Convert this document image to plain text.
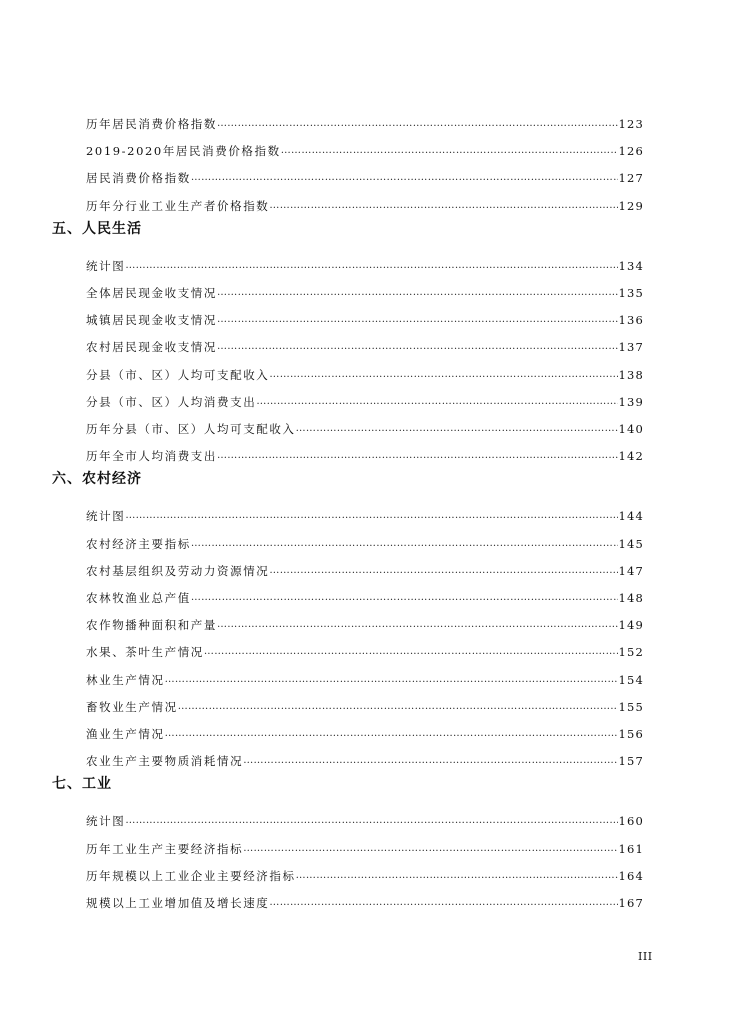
历年居民消费价格指数 ……………………………………………………………………………………………………………………………………………………………………………………………………………………………………	123
2019-2020年居民消费价格指数 ……………………………………………………………………………………………………………………………………………………………………………………………………………………………………	126
居民消费价格指数 ……………………………………………………………………………………………………………………………………………………………………………………………………………………………………	127
历年分行业工业生产者价格指数 ……………………………………………………………………………………………………………………………………………………………………………………………………………………………………	129
五、人民生活
统计图 ……………………………………………………………………………………………………………………………………………………………………………………………………………………………………	134
全体居民现金收支情况 ……………………………………………………………………………………………………………………………………………………………………………………………………………………………………	135
城镇居民现金收支情况 ……………………………………………………………………………………………………………………………………………………………………………………………………………………………………	136
农村居民现金收支情况 ……………………………………………………………………………………………………………………………………………………………………………………………………………………………………	137
分县（市、区）人均可支配收入 ……………………………………………………………………………………………………………………………………………………………………………………………………………………………………	138
分县（市、区）人均消费支出 ……………………………………………………………………………………………………………………………………………………………………………………………………………………………………	139
历年分县（市、区）人均可支配收入 ……………………………………………………………………………………………………………………………………………………………………………………………………………………………………	140
历年全市人均消费支出 ……………………………………………………………………………………………………………………………………………………………………………………………………………………………………	142
六、农村经济
统计图 ……………………………………………………………………………………………………………………………………………………………………………………………………………………………………	144
农村经济主要指标 ……………………………………………………………………………………………………………………………………………………………………………………………………………………………………	145
农村基层组织及劳动力资源情况 ……………………………………………………………………………………………………………………………………………………………………………………………………………………………………	147
农林牧渔业总产值 ……………………………………………………………………………………………………………………………………………………………………………………………………………………………………	148
农作物播种面积和产量 ……………………………………………………………………………………………………………………………………………………………………………………………………………………………………	149
水果、茶叶生产情况 ……………………………………………………………………………………………………………………………………………………………………………………………………………………………………	152
林业生产情况 ……………………………………………………………………………………………………………………………………………………………………………………………………………………………………	154
畜牧业生产情况 ……………………………………………………………………………………………………………………………………………………………………………………………………………………………………	155
渔业生产情况 ……………………………………………………………………………………………………………………………………………………………………………………………………………………………………	156
农业生产主要物质消耗情况 ……………………………………………………………………………………………………………………………………………………………………………………………………………………………………	157
七、工业
统计图 ……………………………………………………………………………………………………………………………………………………………………………………………………………………………………	160
历年工业生产主要经济指标 ……………………………………………………………………………………………………………………………………………………………………………………………………………………………………	161
历年规模以上工业企业主要经济指标 ……………………………………………………………………………………………………………………………………………………………………………………………………………………………………	164
规模以上工业增加值及增长速度 ……………………………………………………………………………………………………………………………………………………………………………………………………………………………………	167
III
